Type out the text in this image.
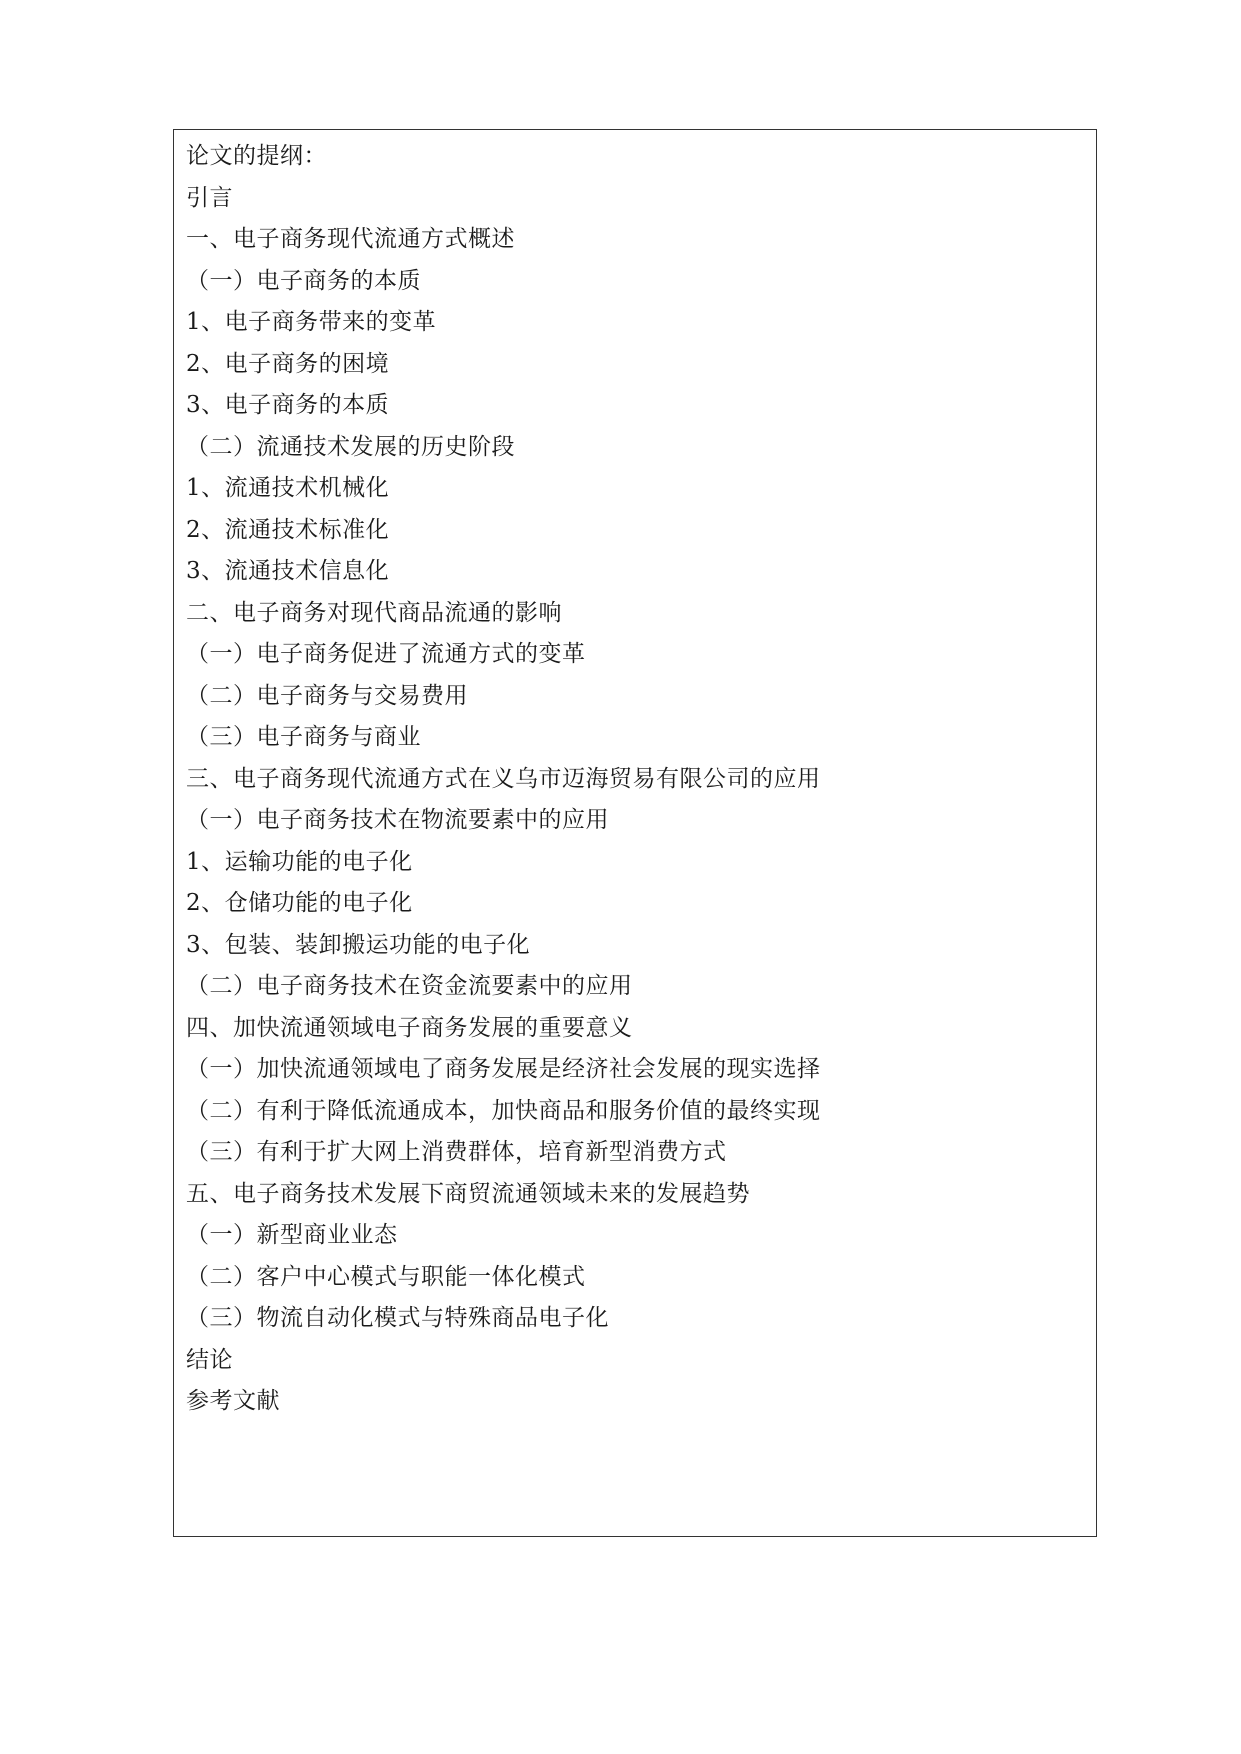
论文的提纲：
引言
一、电子商务现代流通方式概述
（一）电子商务的本质
1、电子商务带来的变革
2、电子商务的困境
3、电子商务的本质
（二）流通技术发展的历史阶段
1、流通技术机械化
2、流通技术标准化
3、流通技术信息化
二、电子商务对现代商品流通的影响
（一）电子商务促进了流通方式的变革
（二）电子商务与交易费用
（三）电子商务与商业
三、电子商务现代流通方式在义乌市迈海贸易有限公司的应用
（一）电子商务技术在物流要素中的应用
1、运输功能的电子化
2、仓储功能的电子化
3、包装、装卸搬运功能的电子化
（二）电子商务技术在资金流要素中的应用
四、加快流通领域电子商务发展的重要意义
（一）加快流通领域电了商务发展是经济社会发展的现实选择
（二）有利于降低流通成本，加快商品和服务价值的最终实现
（三）有利于扩大网上消费群体，培育新型消费方式
五、电子商务技术发展下商贸流通领域未来的发展趋势
（一）新型商业业态
（二）客户中心模式与职能一体化模式
（三）物流自动化模式与特殊商品电子化
结论
参考文献
